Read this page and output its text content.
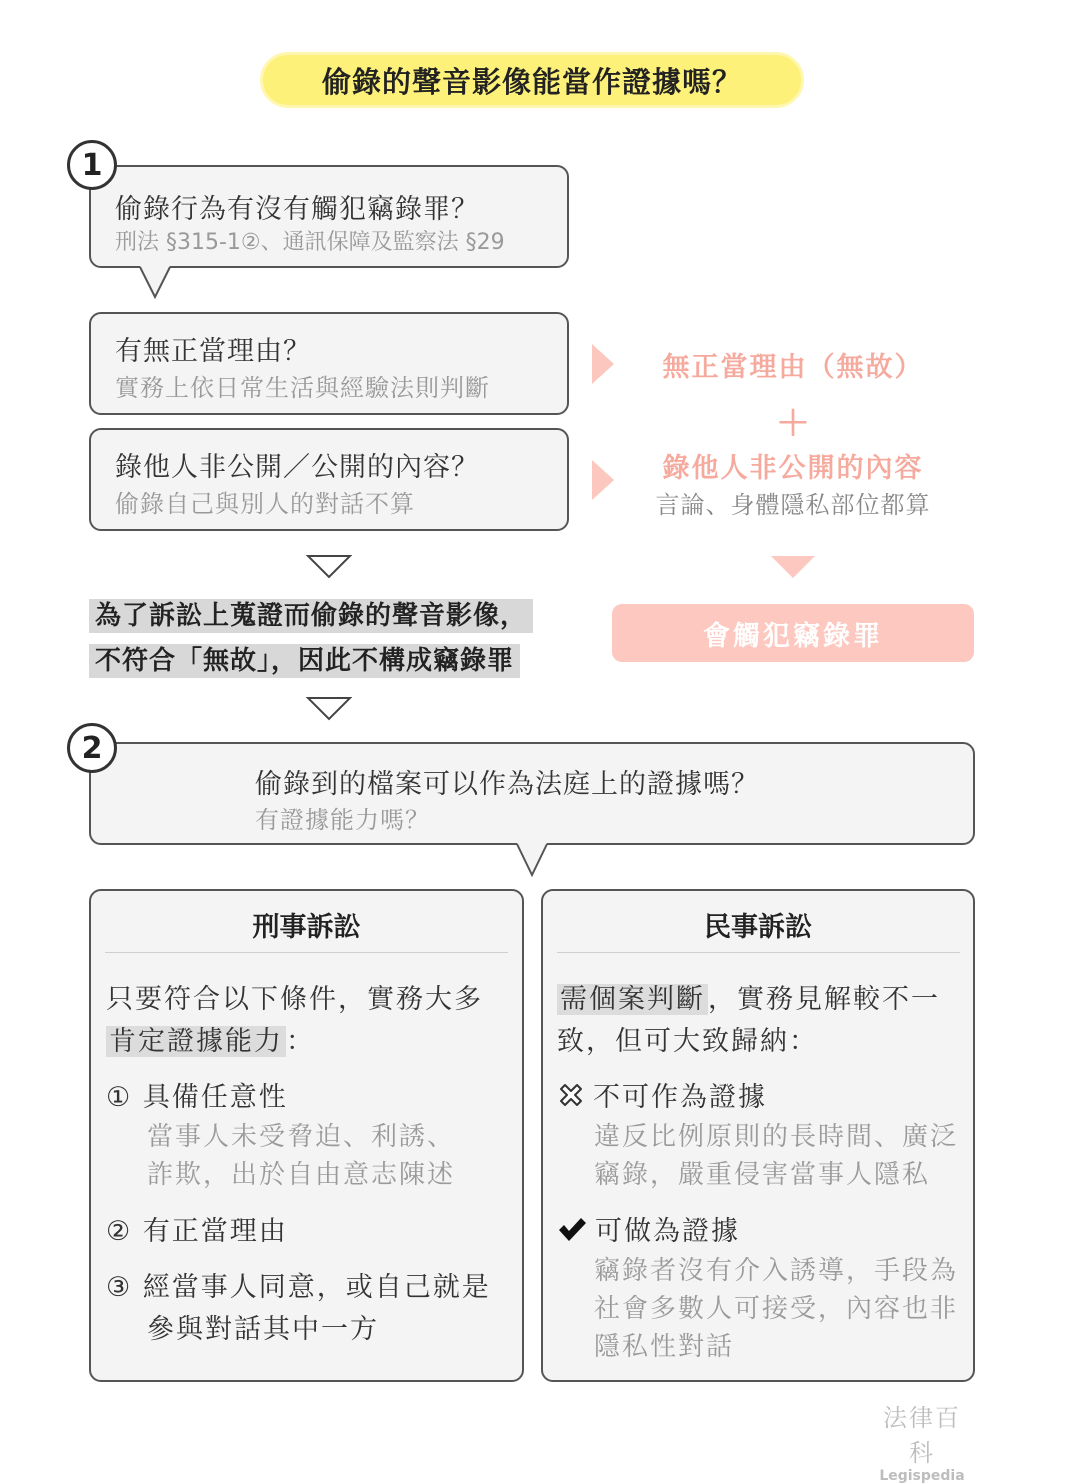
偷錄的聲音影像能當作證據嗎？
1
偷錄行為有沒有觸犯竊錄罪？
刑法 §315-1②、通訊保障及監察法 §29
有無正當理由？
實務上依日常生活與經驗法則判斷
錄他人非公開／公開的內容？
偷錄自己與別人的對話不算
無正當理由（無故）
＋
錄他人非公開的內容
言論、身體隱私部位都算
會觸犯竊錄罪
為了訴訟上蒐證而偷錄的聲音影像，
不符合「無故」，因此不構成竊錄罪
2
偷錄到的檔案可以作為法庭上的證據嗎？
有證據能力嗎？
刑事訴訟
只要符合以下條件，實務大多
肯定證據能力 ：
① 具備任意性
當事人未受脅迫、利誘、
詐欺，出於自由意志陳述
② 有正當理由
③ 經當事人同意，或自己就是
參與對話其中一方
民事訴訟
需個案判斷 ，實務見解較不一
致，但可大致歸納：
不可作為證據
違反比例原則的長時間、廣泛
竊錄，嚴重侵害當事人隱私
可做為證據
竊錄者沒有介入誘導，手段為
社會多數人可接受，內容也非
隱私性對話
法律百科
Legispedia
